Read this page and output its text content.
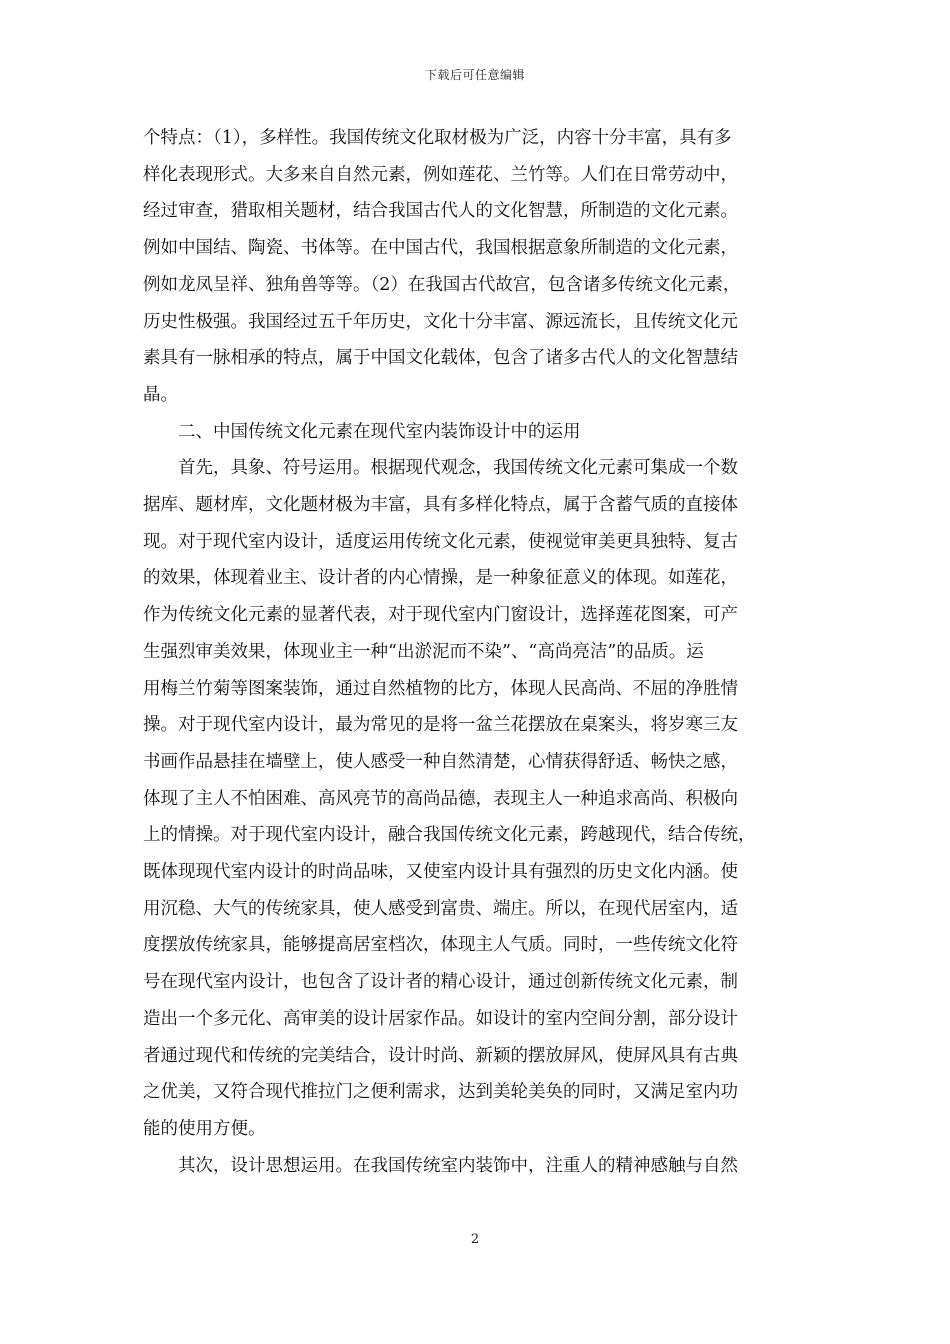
下载后可任意编辑

个特点：（1），多样性。我国传统文化取材极为广泛，内容十分丰富，具有多
样化表现形式。大多来自自然元素，例如莲花、兰竹等。人们在日常劳动中，
经过审查，猎取相关题材，结合我国古代人的文化智慧，所制造的文化元素。
例如中国结、陶瓷、书体等。在中国古代，我国根据意象所制造的文化元素，
例如龙凤呈祥、独角兽等等。（2）在我国古代故宫，包含诸多传统文化元素，
历史性极强。我国经过五千年历史，文化十分丰富、源远流长，且传统文化元
素具有一脉相承的特点，属于中国文化载体，包含了诸多古代人的文化智慧结
晶。

二、中国传统文化元素在现代室内装饰设计中的运用

首先，具象、符号运用。根据现代观念，我国传统文化元素可集成一个数
据库、题材库，文化题材极为丰富，具有多样化特点，属于含蓄气质的直接体
现。对于现代室内设计，适度运用传统文化元素，使视觉审美更具独特、复古
的效果，体现着业主、设计者的内心情操，是一种象征意义的体现。如莲花，
作为传统文化元素的显著代表，对于现代室内门窗设计，选择莲花图案，可产
生强烈审美效果，体现业主一种“出淤泥而不染”、“高尚亮洁”的品质。运
用梅兰竹菊等图案装饰，通过自然植物的比方，体现人民高尚、不屈的净胜情
操。对于现代室内设计，最为常见的是将一盆兰花摆放在桌案头，将岁寒三友
书画作品悬挂在墙壁上，使人感受一种自然清楚，心情获得舒适、畅快之感，
体现了主人不怕困难、高风亮节的高尚品德，表现主人一种追求高尚、积极向
上的情操。对于现代室内设计，融合我国传统文化元素，跨越现代，结合传统，
既体现现代室内设计的时尚品味，又使室内设计具有强烈的历史文化内涵。使
用沉稳、大气的传统家具，使人感受到富贵、端庄。所以，在现代居室内，适
度摆放传统家具，能够提高居室档次，体现主人气质。同时，一些传统文化符
号在现代室内设计，也包含了设计者的精心设计，通过创新传统文化元素，制
造出一个多元化、高审美的设计居家作品。如设计的室内空间分割，部分设计
者通过现代和传统的完美结合，设计时尚、新颖的摆放屏风，使屏风具有古典
之优美，又符合现代推拉门之便利需求，达到美轮美奂的同时，又满足室内功
能的使用方便。

其次，设计思想运用。在我国传统室内装饰中，注重人的精神感触与自然

2
